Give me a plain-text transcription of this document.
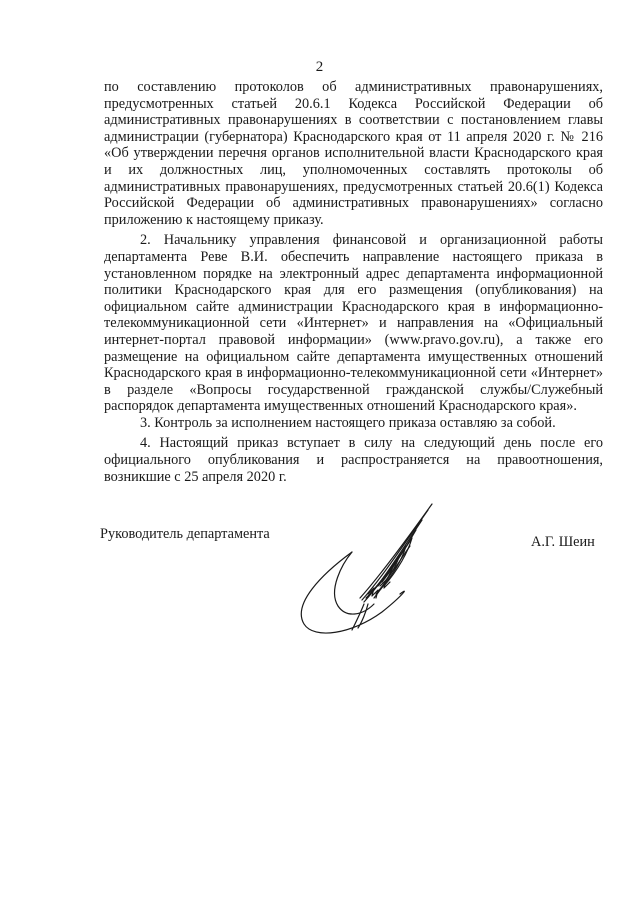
2

по составлению протоколов об административных правонарушениях, предусмотренных статьей 20.6.1 Кодекса Российской Федерации об административных правонарушениях в соответствии с постановлением главы администрации (губернатора) Краснодарского края от 11 апреля 2020 г. № 216 «Об утверждении перечня органов исполнительной власти Краснодарского края и их должностных лиц, уполномоченных составлять протоколы об административных правонарушениях, предусмотренных статьей 20.6(1) Кодекса Российской Федерации об административных правонарушениях» согласно приложению к настоящему приказу.

2. Начальнику управления финансовой и организационной работы департамента Реве В.И. обеспечить направление настоящего приказа в установленном порядке на электронный адрес департамента информационной политики Краснодарского края для его размещения (опубликования) на официальном сайте администрации Краснодарского края в информационно-телекоммуникационной сети «Интернет» и направления на «Официальный интернет-портал правовой информации» (www.pravo.gov.ru), а также его размещение на официальном сайте департамента имущественных отношений Краснодарского края в информационно-телекоммуникационной сети «Интернет» в разделе «Вопросы государственной гражданской службы/Служебный распорядок департамента имущественных отношений Краснодарского края».

3. Контроль за исполнением настоящего приказа оставляю за собой.

4. Настоящий приказ вступает в силу на следующий день после его официального опубликования и распространяется на правоотношения, возникшие с 25 апреля 2020 г.

Руководитель департамента	А.Г. Шеин
